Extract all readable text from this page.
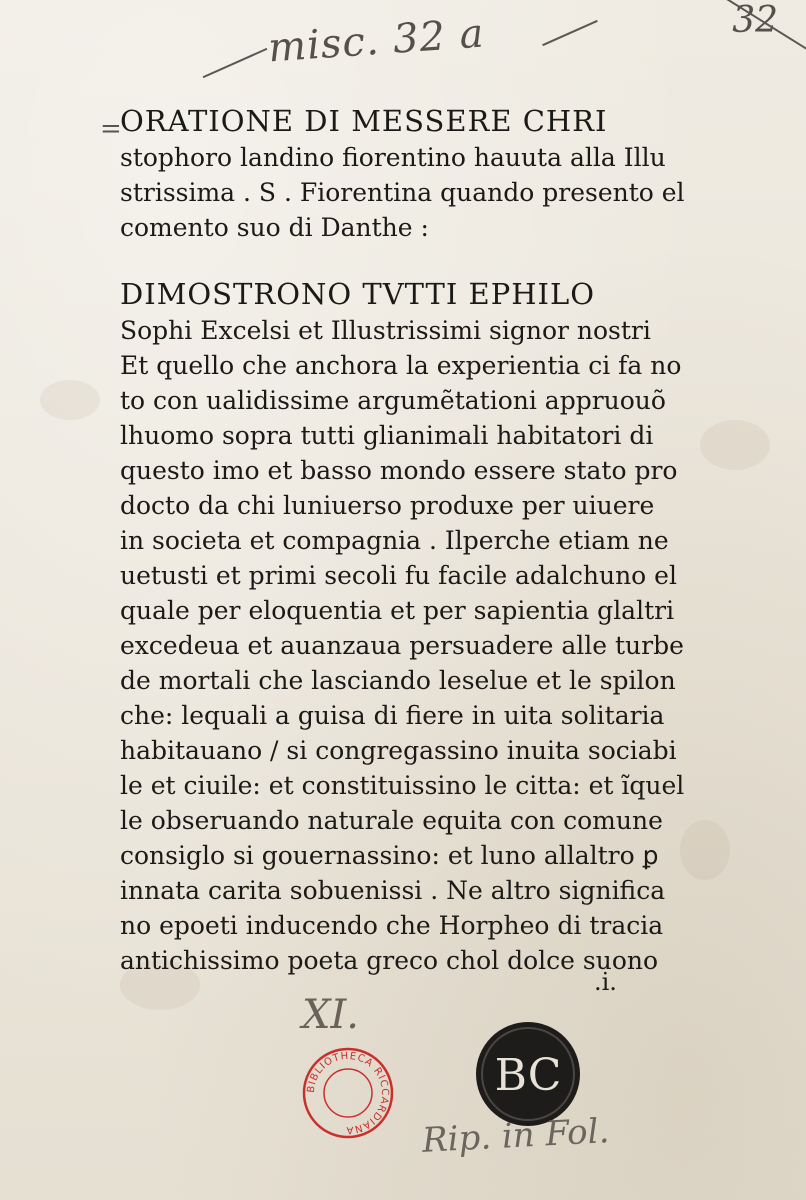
misc. 32 a	32
=
ORATIONE DI MESSERE CHRI
stophoro landino fiorentino hauuta alla Illu
strissima . S . Fiorentina quando presento el
comento suo di Danthe :
DIMOSTRONO TVTTI EPHILO
Sophi Excelsi et Illustrissimi signor nostri
Et quello che anchora la experientia ci fa no
to con ualidissime argumẽtationi appruouõ
lhuomo sopra tutti glianimali habitatori di
questo imo et basso mondo essere stato pro
docto da chi luniuerso produxe per uiuere
in societa et compagnia . Ilperche etiam ne
uetusti et primi secoli fu facile adalchuno el
quale per eloquentia et per sapientia glaltri
excedeua et auanzaua persuadere alle turbe
de mortali che lasciando leselue et le spilon
che: lequali a guisa di fiere in uita solitaria
habitauano / si congregassino inuita sociabi
le et ciuile: et constituissino le citta: et ĩquel
le obseruando naturale equita con comune
consiglo si gouernassino: et luno allaltro ꝑ
innata carita sobuenissi . Ne altro significa
no epoeti inducendo che Horpheo di tracia
antichissimo poeta greco chol dolce suono
.i.
XI.
BIBLIOTHECA RICCARDIANA
BC
Rip. in Fol.
